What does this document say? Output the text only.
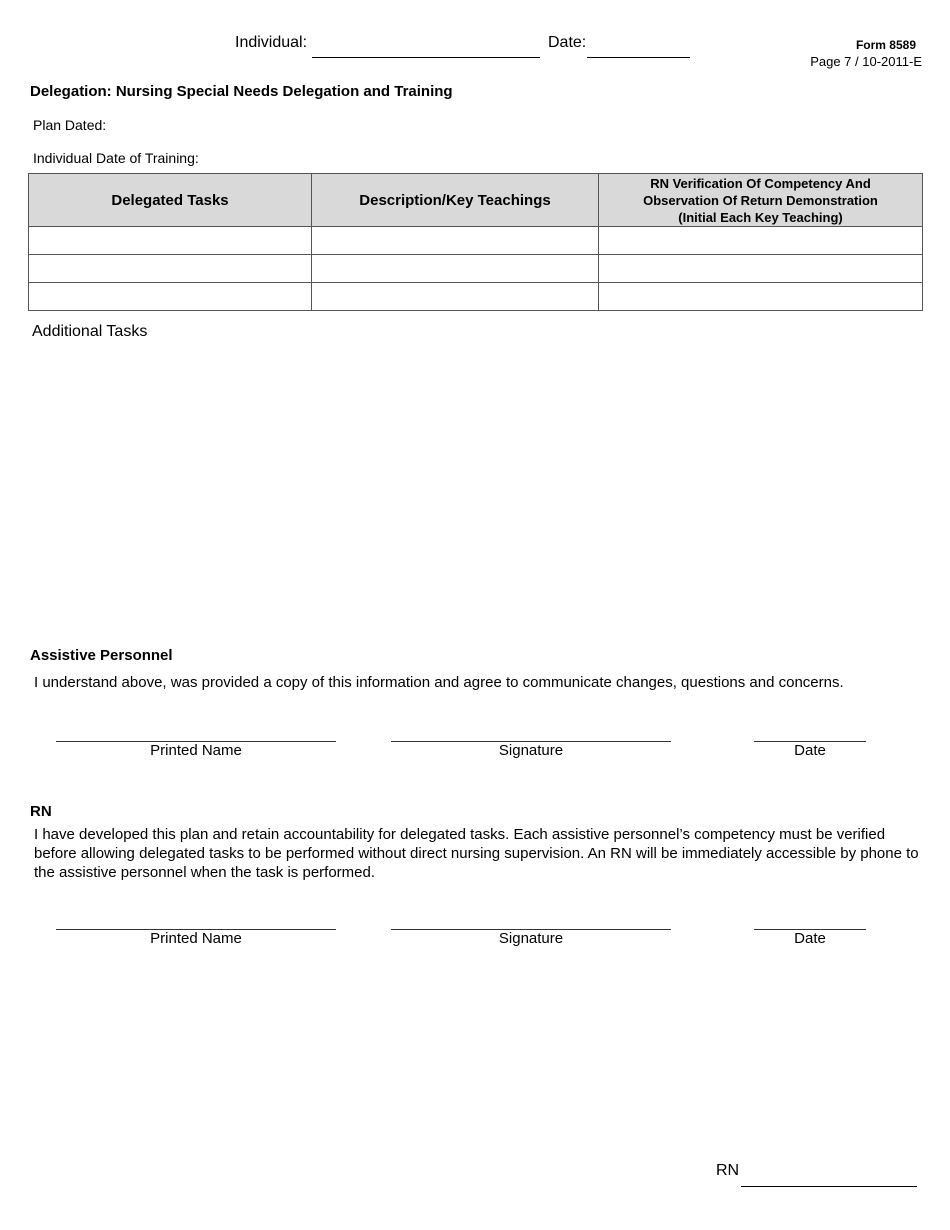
Individual:	Date:	Form 8589
Page 7 / 10-2011-E
Delegation: Nursing Special Needs Delegation and Training
Plan Dated:
Individual Date of Training:
Delegated Tasks	Description/Key Teachings	RN Verification Of Competency And
Observation Of Return Demonstration
(Initial Each Key Teaching)

Additional Tasks
Assistive Personnel
I understand above, was provided a copy of this information and agree to communicate changes, questions and concerns.
Printed Name	Signature	Date
RN
I have developed this plan and retain accountability for delegated tasks. Each assistive personnel’s competency must be verified before allowing delegated tasks to be performed without direct nursing supervision. An RN will be immediately accessible by phone to the assistive personnel when the task is performed.
Printed Name	Signature	Date
RN
